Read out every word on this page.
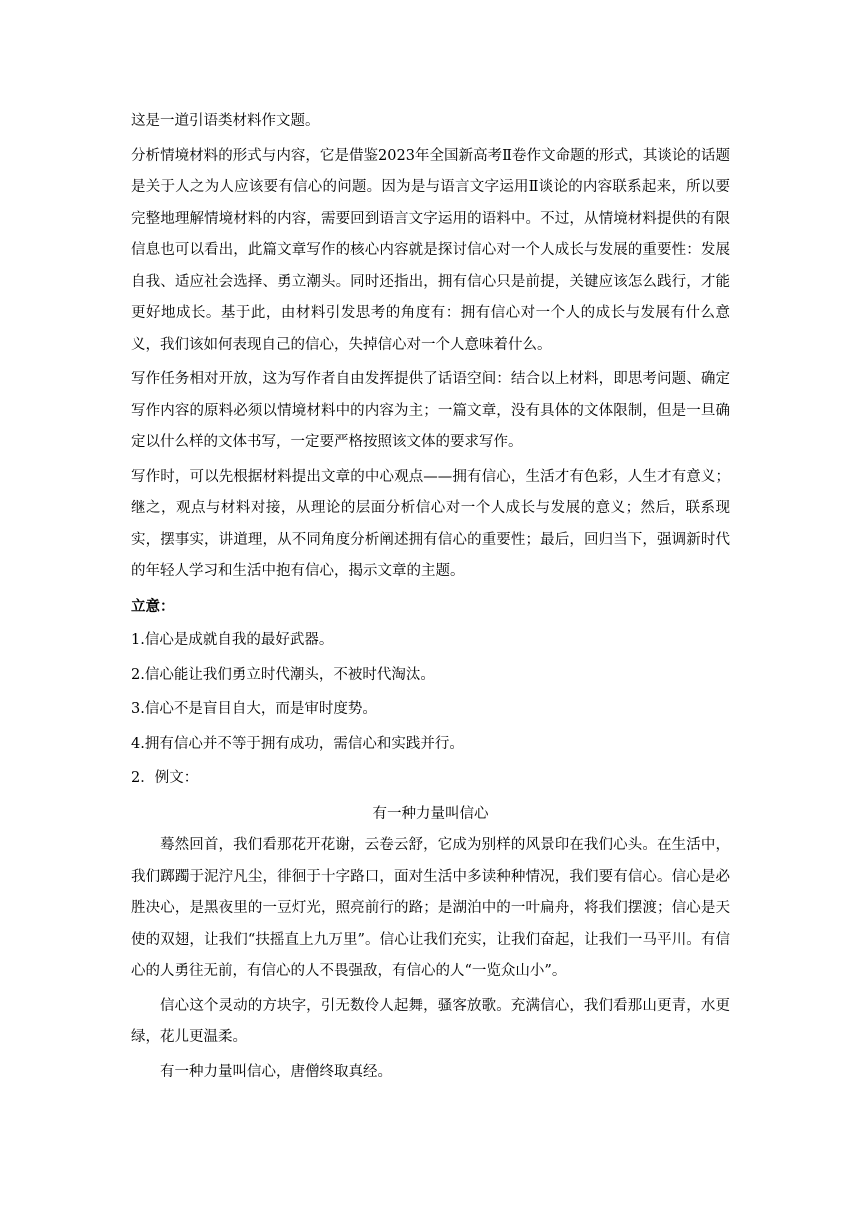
这是一道引语类材料作文题。

分析情境材料的形式与内容，它是借鉴2023年全国新高考Ⅱ卷作文命题的形式，其谈论的话题是关于人之为人应该要有信心的问题。因为是与语言文字运用Ⅱ谈论的内容联系起来，所以要完整地理解情境材料的内容，需要回到语言文字运用的语料中。不过，从情境材料提供的有限信息也可以看出，此篇文章写作的核心内容就是探讨信心对一个人成长与发展的重要性：发展自我、适应社会选择、勇立潮头。同时还指出，拥有信心只是前提，关键应该怎么践行，才能更好地成长。基于此，由材料引发思考的角度有：拥有信心对一个人的成长与发展有什么意义，我们该如何表现自己的信心，失掉信心对一个人意味着什么。

写作任务相对开放，这为写作者自由发挥提供了话语空间：结合以上材料，即思考问题、确定写作内容的原料必须以情境材料中的内容为主；一篇文章，没有具体的文体限制，但是一旦确定以什么样的文体书写，一定要严格按照该文体的要求写作。

写作时，可以先根据材料提出文章的中心观点——拥有信心，生活才有色彩，人生才有意义；继之，观点与材料对接，从理论的层面分析信心对一个人成长与发展的意义；然后，联系现实，摆事实，讲道理，从不同角度分析阐述拥有信心的重要性；最后，回归当下，强调新时代的年轻人学习和生活中抱有信心，揭示文章的主题。

立意：

1.信心是成就自我的最好武器。

2.信心能让我们勇立时代潮头，不被时代淘汰。

3.信心不是盲目自大，而是审时度势。

4.拥有信心并不等于拥有成功，需信心和实践并行。

2．例文：

有一种力量叫信心

蓦然回首，我们看那花开花谢，云卷云舒，它成为别样的风景印在我们心头。在生活中，我们踯躅于泥泞凡尘，徘徊于十字路口，面对生活中多读种种情况，我们要有信心。信心是必胜决心，是黑夜里的一豆灯光，照亮前行的路；是湖泊中的一叶扁舟，将我们摆渡；信心是天使的双翅，让我们“扶摇直上九万里”。信心让我们充实，让我们奋起，让我们一马平川。有信心的人勇往无前，有信心的人不畏强敌，有信心的人“一览众山小”。

信心这个灵动的方块字，引无数伶人起舞，骚客放歌。充满信心，我们看那山更青，水更绿，花儿更温柔。

有一种力量叫信心，唐僧终取真经。
